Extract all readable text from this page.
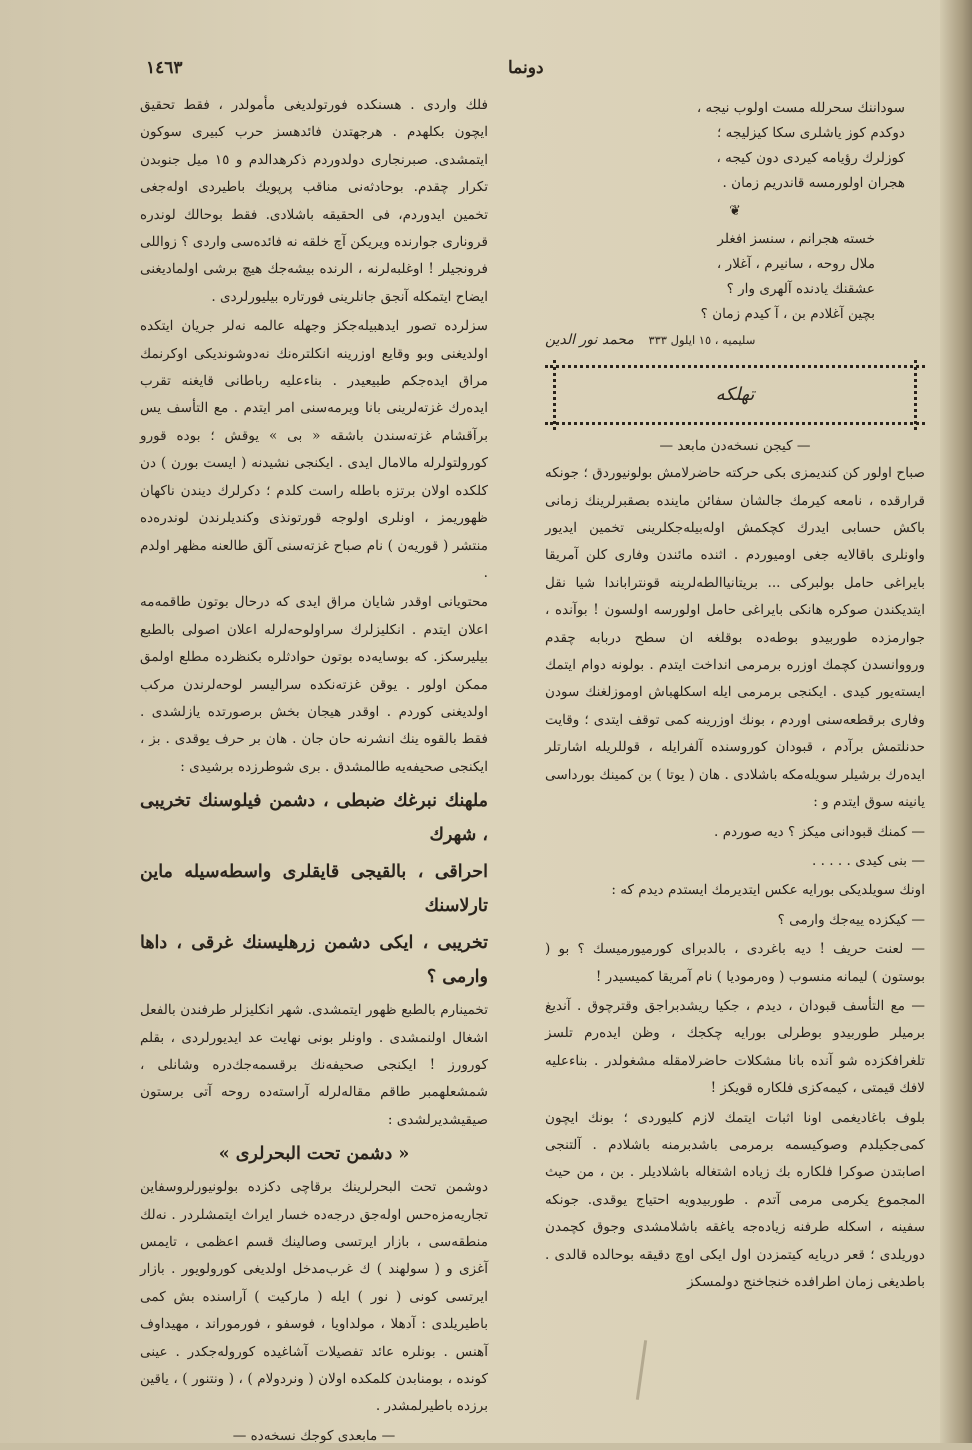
١٤٦٣	دونما

فلك واردی . هسنكده فورتولديغی مأمولدر ، فقط تحقيق ايچون بكلهدم . هرجهتدن فائدهسز حرب كبيری سوكون ايتمشدی. صبرنجاری دولدوردم ذكرهدالدم و ١٥ ميل جنوبدن تكرار چقدم. بوحادثه‌نی مناقب پرپويك باطيردی اوله‌جغی تخمين ايدوردم، فی الحقيقه باشلادی. فقط بوحالك لوندره قروناری جوارنده ويريكن آچ خلقه نه فائده‌سی واردی ؟ زواللی فرونجيلر ! اوغلبه‌لرنه ، الرنده بيشه‌جك هيچ برشی اولماديغنی ايضاح ايتمكله آنجق جانلرينی فورتاره بيليورلردی .

سزلرده تصور ايدهبيله‌جكز وجهله عالمه نه‌لر جريان ايتكده اولديغنی وبو وقايع اوزرينه انكلتره‌نك نه‌دوشونديكی اوكرنمك مراق ايده‌جكم طبيعيدر . بناءعليه رباطانی قايغنه تقرب ايده‌رك غزته‌لرينی بانا ويرمه‌سنی امر ايتدم . مع التأسف يس برآقشام غزته‌سندن باشقه « بی » يوقش ؛ بوده قورو كورولتولرله مالامال ايدی . ايكنجی نشيدنه ( ايست بورن ) دن كلكده اولان برتزه باطله راست كلدم ؛ دكرلرك ديندن ناكهان ظهوريمز ، اونلری اولوجه قورتونذی وكنديلرندن لوندره‌ده منتشر ( قوريه‌ن ) نام صباح غزته‌سنی آلق طالعنه مظهر اولدم .

محتويانی اوقدر شايان مراق ايدی كه درحال بوتون طاقمه‌مه اعلان ايتدم . انكليزلرك سراولوحه‌لرله اعلان اصولی بالطبع بيليرسكز. كه بوسايه‌ده بوتون حوادثلره بكنظرده مطلع اولمق ممكن اولور . يوقن غزته‌نكده سراليسر لوحه‌لرندن مركب اولديغنی كوردم . اوقدر هيجان بخش برصورتده يازلشدی . فقط بالقوه ينك انشرنه حان جان . هان بر حرف يوقدی . بز ، ايكنجی صحيفه‌يه طالمشدق . بری شوطرزده برشيدی :

ملهنك نبرغك ضبطی ، دشمن فيلوسنك تخريبی ، شهرك
احراقی ، بالقيجی قايقلری واسطه‌سيله ماين تارلاسنك
تخريبی ، ايكی دشمن زرهليسنك غرقی ، داها وارمی ؟

تخمينارم بالطبع ظهور ايتمشدی. شهر انكليزلر طرفندن بالفعل اشغال اولنمشدی . واونلر بونی نهايت عد ايديورلردی ، بقلم كورورز ! ايكنجی صحيفه‌نك برقسمه‌جك‌دره وشانلی ، شمشعلهمبر طاقم مقاله‌لرله آراسته‌ده روحه آتی برستون صيقيشديرلشدی :

« دشمن تحت البحرلری »

دوشمن تحت البحرلرينك برقاچی دكزده بولونيورلروسفاين تجاريه‌مزه‌حس اوله‌جق درجه‌ده خسار ايراث ايتمشلردر . نه‌لك منطقه‌سی ، بازار ايرتسی وصالينك قسم اعظمی ، تايمس آغزی و ( سولهند ) ك غرب‌مدخل اولديغی كورولويور . بازار ايرتسی كونی ( نور ) ايله ( مارکيت ) آراسنده بش كمی باطيريلدی : آدهلا ، مولداويا ، فوسفو ، فورموراند ، مهيداوف آهنس . بونلره عائد تفصيلات آشاغيده كوروله‌جكدر . عينی كونده ، بومنابدن كلمكده اولان ( ونردولام ) ، ( ونتنور ) ، ياقين برزده باطيرلمشدر .

— مابعدی كوجك نسخه‌ده —

سوداننك سحرلله مست اولوب نيجه ،

دوكدم كوز ياشلری سكا كيزليجه ؛

كوزلرك رؤيامه كيردی دون كيجه ،

هجران اولورمسه قاندريم زمان .

❦

خسته هجرانم ، سنسز افغلر

ملال روحه ، سانيرم ، آغلار ،

عشقنك يادنده آلهری وار ؟

بچين آغلادم بن ، آ كيدم زمان ؟

سليميه ، ١٥ ايلول ٣٣٣    محمد نور الدين
تهلكه
— كيجن نسخه‌دن مابعد —

صباح اولور كن كنديمزی بكی حركته حاضرلامش بولونيوردق ؛ جونكه قرارقده ، نامعه كيرمك جالشان سفائن ماينده بصقبرلرينك زمانی باكش حسابی ايدرك كچكمش اوله‌بيله‌جكلرينی تخمين ايديور واونلری باقالايه جغی اوميوردم . اثنده مائندن وفاری كلن آمريقا بايراغی حامل بولبركی ... بريتانياالطه‌لرينه قونتراباندا شيا نقل ايتديكندن صوكره هانكی بايراغی حامل اولورسه اولسون ! بوآنده ، جوارمزده طوربيدو بوطه‌ده بوقلغه ان سطح دربابه چقدم ورووانسدن كچمك اوزره برمرمی انداخت ايتدم . بولونه دوام ايتمك ايسته‌يور كيدی . ايكنجی برمرمی ايله اسكلهباش اوموزلغنك سودن وفاری برقطعه‌سنی اوردم ، بونك اوزرينه كمی توقف ايتدی ؛ وقايت حدنلتمش برآدم ، قبودان كوروسنده آلفرايله ، قوللريله اشارتلر ايده‌رك برشيلر سويله‌مكه باشلادی . هان ( يوتا ) بن كمينك بورداسی يانينه سوق ايتدم و :

— كمنك قبودانی ميكز ؟ ديه صوردم .

— بنی كيدی . . . . .

اونك سويلديكی بورايه عكس ايتديرمك ايستدم ديدم كه :

— كيكزده ييه‌جك وارمی ؟

— لعنت حريف ! ديه باغردی ، بالدبرای كورميورميسك ؟ بو ( بوستون ) ليمانه منسوب ( وه‌رموديا ) نام آمريقا كميسيدر !

— مع التأسف قبودان ، ديدم ، جكيا ريشدبراجق وقترچوق . آنديغ برميلر طوربيدو بوطرلی بورايه چكجك ، وظن ايده‌رم تلسز تلغرافكزده شو آنده بانا مشكلات حاضرلامقله مشغولدر . بناءعليه لافك قيمتی ، كيمه‌كزی فلكاره قويكز !

بلوف باغاديغمی اونا اثبات ايتمك لازم كليوردی ؛ بونك ايچون كمی‌جكيلدم وصوكيسمه برمرمی باشدبرمنه باشلادم . آلتنجی اصابتدن صوكرا فلكاره بك زياده اشتغاله باشلاديلر . بن ، من حيث المجموع يكرمی مرمی آتدم . طوربيدويه احتياج يوقدی. جونكه سفينه ، اسكله طرفنه زياده‌جه ياغقه باشلامشدی وجوق كچمدن دوريلدی ؛ قعر دريايه كيتمزدن اول ايكی اوچ دقيقه بوحالده قالدی . باطديغی زمان اطرافده خنجاخنج دولمسكز
